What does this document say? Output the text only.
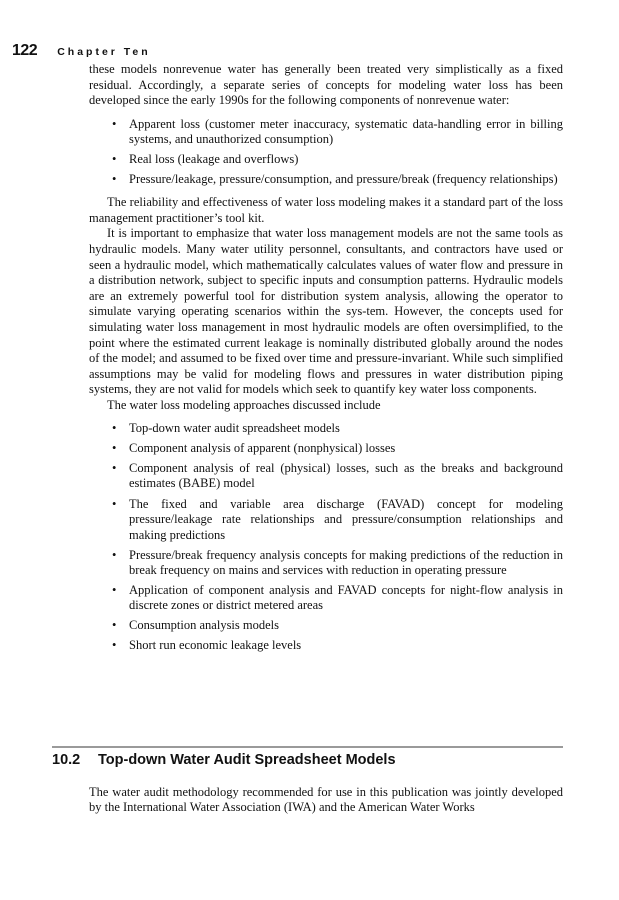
122 Chapter Ten

these models nonrevenue water has generally been treated very simplistically as a fixed residual. Accordingly, a separate series of concepts for modeling water loss has been developed since the early 1990s for the following components of nonrevenue water:

• Apparent loss (customer meter inaccuracy, systematic data-handling error in billing systems, and unauthorized consumption)
• Real loss (leakage and overflows)
• Pressure/leakage, pressure/consumption, and pressure/break (frequency relationships)

The reliability and effectiveness of water loss modeling makes it a standard part of the loss management practitioner’s tool kit.

It is important to emphasize that water loss management models are not the same tools as hydraulic models. Many water utility personnel, consultants, and contractors have used or seen a hydraulic model, which mathematically calculates values of water flow and pressure in a distribution network, subject to specific inputs and consumption patterns. Hydraulic models are an extremely powerful tool for distribution system analysis, allowing the operator to simulate varying operating scenarios within the sys-tem. However, the concepts used for simulating water loss management in most hydraulic models are often oversimplified, to the point where the estimated current leakage is nominally distributed globally around the nodes of the model; and assumed to be fixed over time and pressure-invariant. While such simplified assumptions may be valid for modeling flows and pressures in water distribution piping systems, they are not valid for models which seek to quantify key water loss components.

The water loss modeling approaches discussed include

• Top-down water audit spreadsheet models
• Component analysis of apparent (nonphysical) losses
• Component analysis of real (physical) losses, such as the breaks and background estimates (BABE) model
• The fixed and variable area discharge (FAVAD) concept for modeling pressure/leakage rate relationships and pressure/consumption relationships and making predictions
• Pressure/break frequency analysis concepts for making predictions of the reduction in break frequency on mains and services with reduction in operating pressure
• Application of component analysis and FAVAD concepts for night-flow analysis in discrete zones or district metered areas
• Consumption analysis models
• Short run economic leakage levels
10.2	Top-down Water Audit Spreadsheet Models

The water audit methodology recommended for use in this publication was jointly developed by the International Water Association (IWA) and the American Water Works
